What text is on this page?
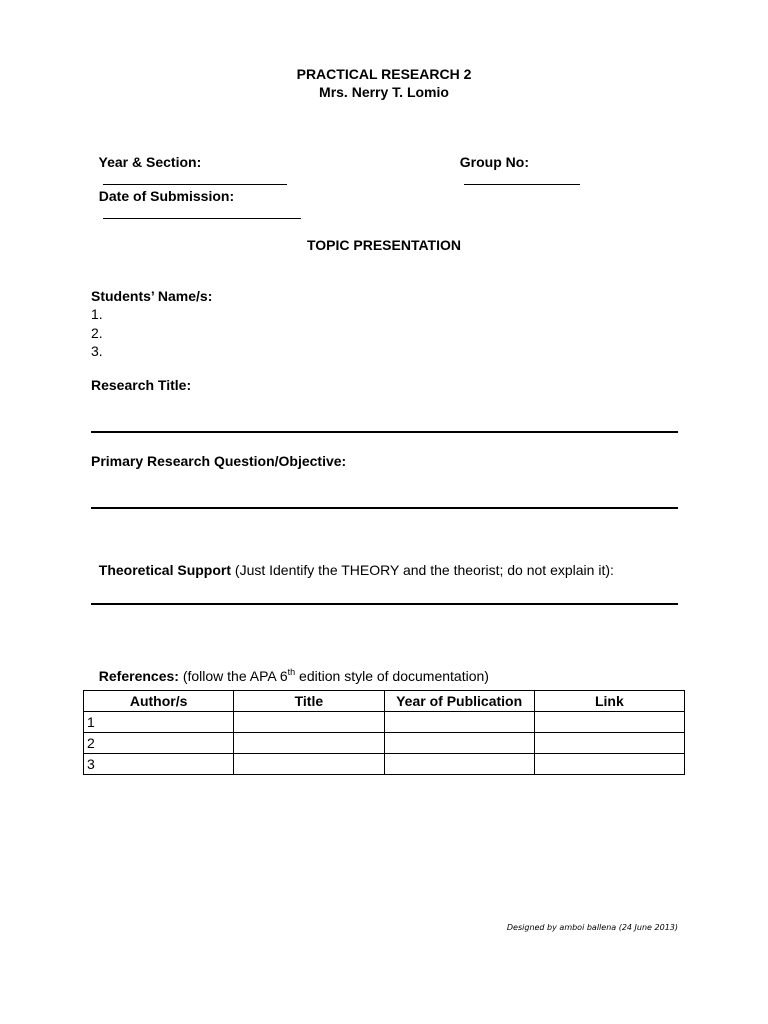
PRACTICAL RESEARCH 2
Mrs. Nerry T. Lomio

Year & Section:
	Group No:

Date of Submission:

TOPIC PRESENTATION
Students’ Name/s:
1.
2.
3.
Research Title:
Primary Research Question/Objective:

Theoretical Support (Just Identify the THEORY and the theorist; do not explain it):

References: (follow the APA 6th edition style of documentation)

Author/s	Title	Year of Publication	Link
1			
2			
3			
Designed by amboi ballena (24 June 2013)
